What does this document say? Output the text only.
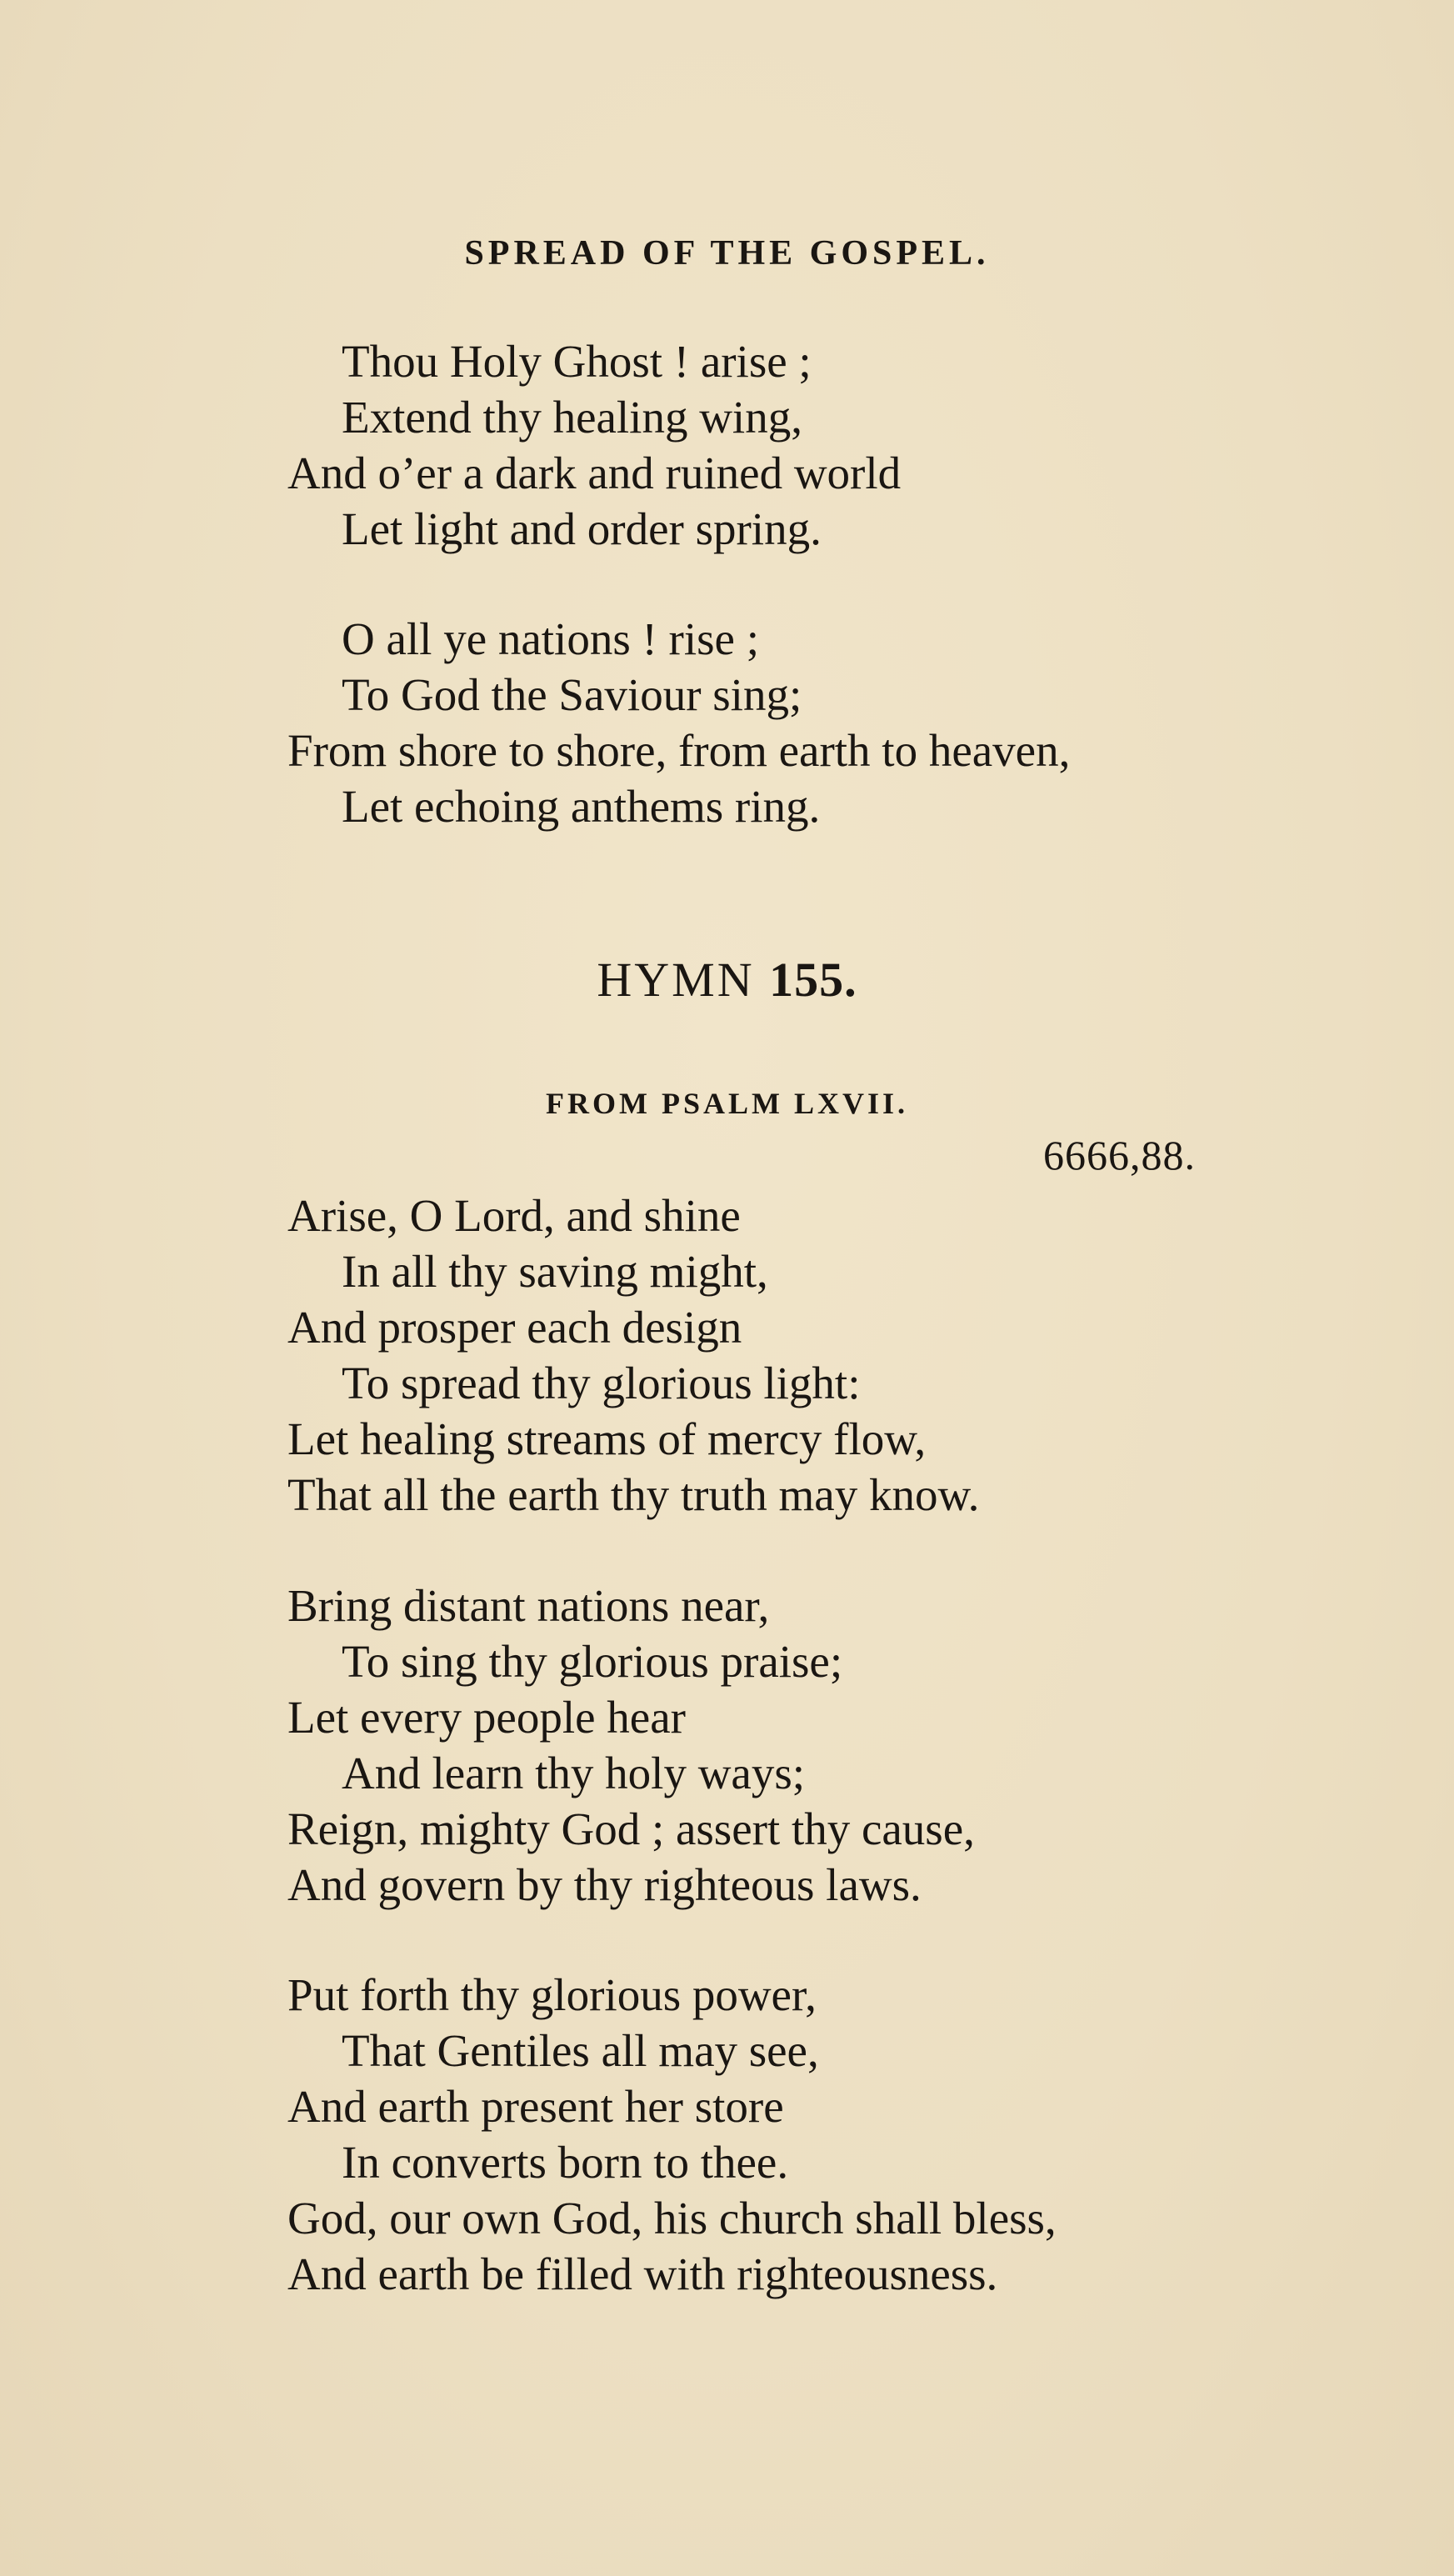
SPREAD OF THE GOSPEL.
Thou Holy Ghost ! arise ;
Extend thy healing wing,
And o’er a dark and ruined world
Let light and order spring.
O all ye nations ! rise ;
To God the Saviour sing;
From shore to shore, from earth to heaven,
Let echoing anthems ring.
HYMN 155.
FROM PSALM LXVII.
6666,88.
Arise, O Lord, and shine
In all thy saving might,
And prosper each design
To spread thy glorious light:
Let healing streams of mercy flow,
That all the earth thy truth may know.
Bring distant nations near,
To sing thy glorious praise;
Let every people hear
And learn thy holy ways;
Reign, mighty God ; assert thy cause,
And govern by thy righteous laws.
Put forth thy glorious power,
That Gentiles all may see,
And earth present her store
In converts born to thee.
God, our own God, his church shall bless,
And earth be filled with righteousness.
